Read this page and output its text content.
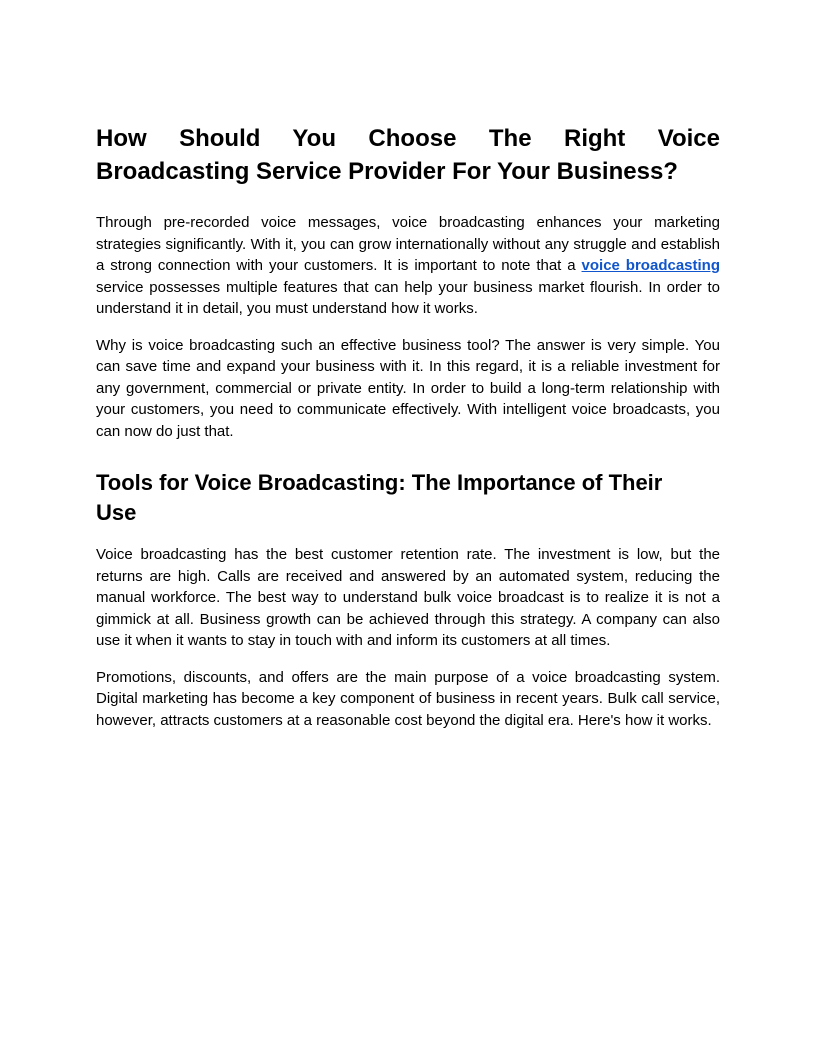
How Should You Choose The Right Voice Broadcasting Service Provider For Your Business?

Through pre-recorded voice messages, voice broadcasting enhances your marketing strategies significantly. With it, you can grow internationally without any struggle and establish a strong connection with your customers. It is important to note that a voice broadcasting service possesses multiple features that can help your business market flourish. In order to understand it in detail, you must understand how it works.

Why is voice broadcasting such an effective business tool? The answer is very simple. You can save time and expand your business with it. In this regard, it is a reliable investment for any government, commercial or private entity. In order to build a long-term relationship with your customers, you need to communicate effectively. With intelligent voice broadcasts, you can now do just that.

Tools for Voice Broadcasting: The Importance of Their Use

Voice broadcasting has the best customer retention rate. The investment is low, but the returns are high. Calls are received and answered by an automated system, reducing the manual workforce. The best way to understand bulk voice broadcast is to realize it is not a gimmick at all. Business growth can be achieved through this strategy. A company can also use it when it wants to stay in touch with and inform its customers at all times.

Promotions, discounts, and offers are the main purpose of a voice broadcasting system. Digital marketing has become a key component of business in recent years. Bulk call service, however, attracts customers at a reasonable cost beyond the digital era. Here's how it works.
